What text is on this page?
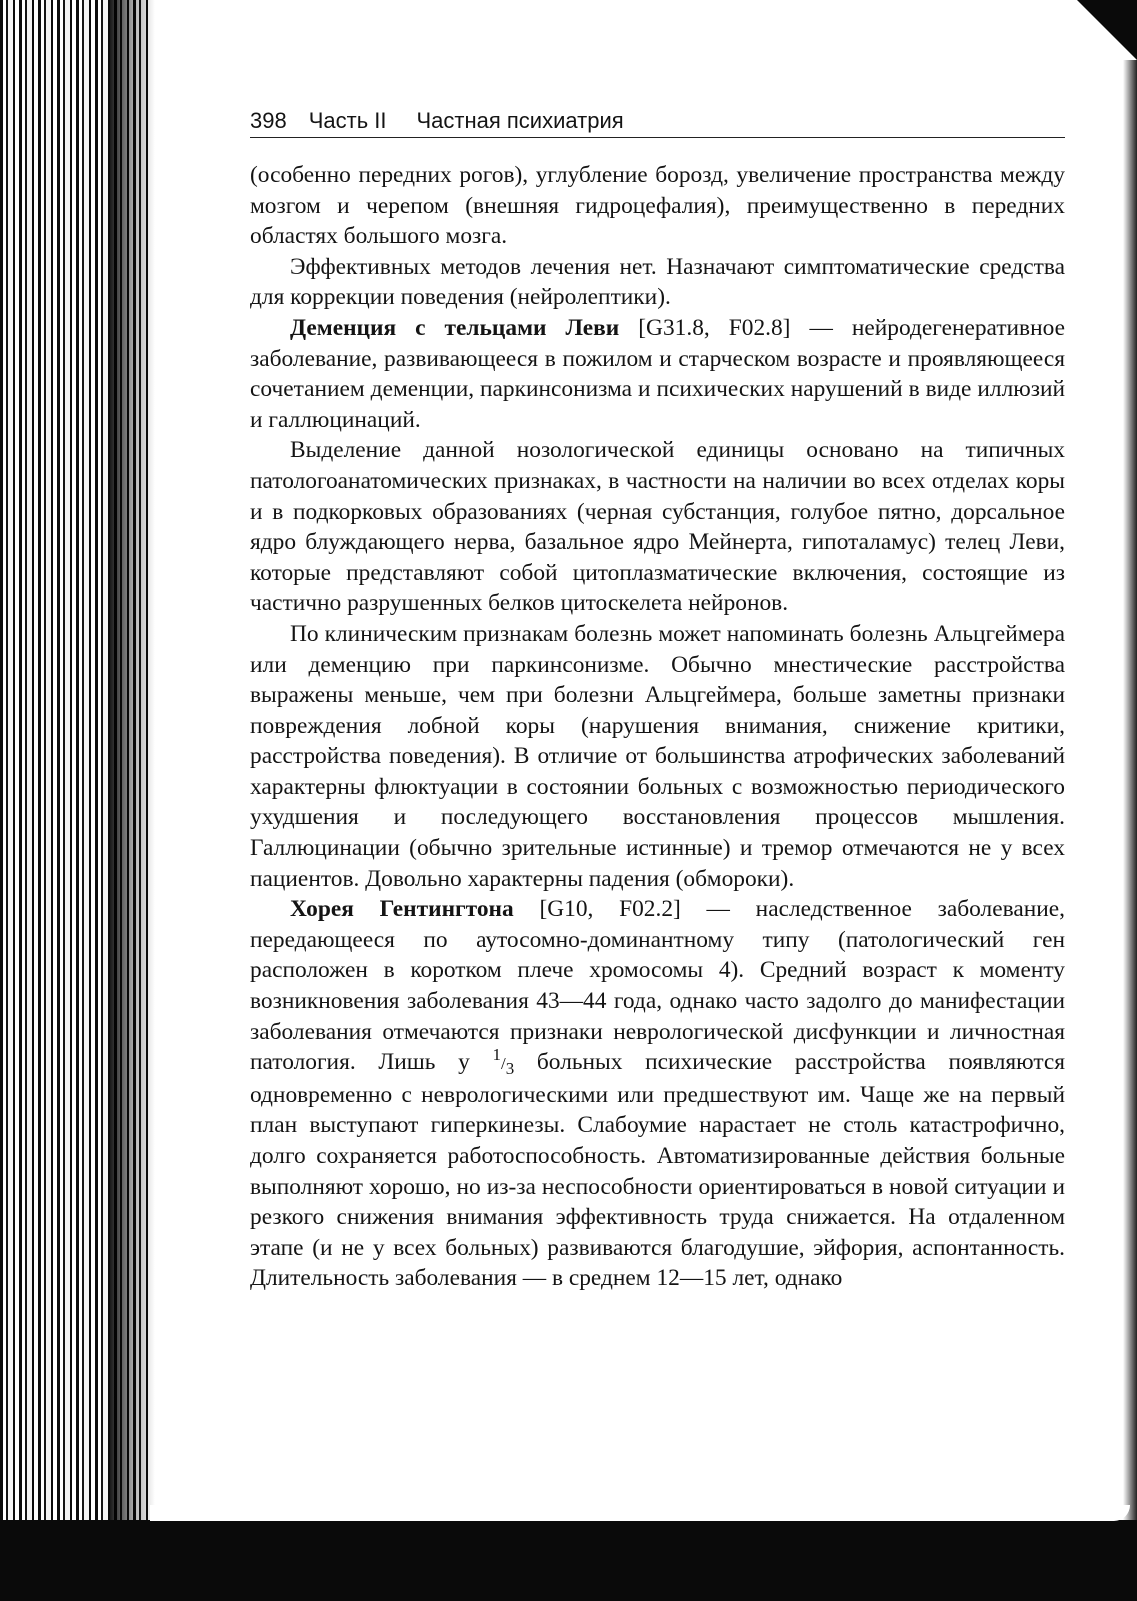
398 Часть II Частная психиатрия

(особенно передних рогов), углубление борозд, увеличение пространства между мозгом и черепом (внешняя гидроцефалия), преимущественно в передних областях большого мозга.

Эффективных методов лечения нет. Назначают симптоматические средства для коррекции поведения (нейролептики).

Деменция с тельцами Леви [G31.8, F02.8] — нейродегенеративное заболевание, развивающееся в пожилом и старческом возрасте и проявляющееся сочетанием деменции, паркинсонизма и психических нарушений в виде иллюзий и галлюцинаций.

Выделение данной нозологической единицы основано на типичных патологоанатомических признаках, в частности на наличии во всех отделах коры и в подкорковых образованиях (черная субстанция, голубое пятно, дорсальное ядро блуждающего нерва, базальное ядро Мейнерта, гипоталамус) телец Леви, которые представляют собой цитоплазматические включения, состоящие из частично разрушенных белков цитоскелета нейронов.

По клиническим признакам болезнь может напоминать болезнь Альцгеймера или деменцию при паркинсонизме. Обычно мнестические расстройства выражены меньше, чем при болезни Альцгеймера, больше заметны признаки повреждения лобной коры (нарушения внимания, снижение критики, расстройства поведения). В отличие от большинства атрофических заболеваний характерны флюктуации в состоянии больных с возможностью периодического ухудшения и последующего восстановления процессов мышления. Галлюцинации (обычно зрительные истинные) и тремор отмечаются не у всех пациентов. Довольно характерны падения (обмороки).

Хорея Гентингтона [G10, F02.2] — наследственное заболевание, передающееся по аутосомно-доминантному типу (патологический ген расположен в коротком плече хромосомы 4). Средний возраст к моменту возникновения заболевания 43—44 года, однако часто задолго до манифестации заболевания отмечаются признаки неврологической дисфункции и личностная патология. Лишь у 1/3 больных психические расстройства появляются одновременно с неврологическими или предшествуют им. Чаще же на первый план выступают гиперкинезы. Слабоумие нарастает не столь катастрофично, долго сохраняется работоспособность. Автоматизированные действия больные выполняют хорошо, но из-за неспособности ориентироваться в новой ситуации и резкого снижения внимания эффективность труда снижается. На отдаленном этапе (и не у всех больных) развиваются благодушие, эйфория, аспонтанность. Длительность заболевания — в среднем 12—15 лет, однако
